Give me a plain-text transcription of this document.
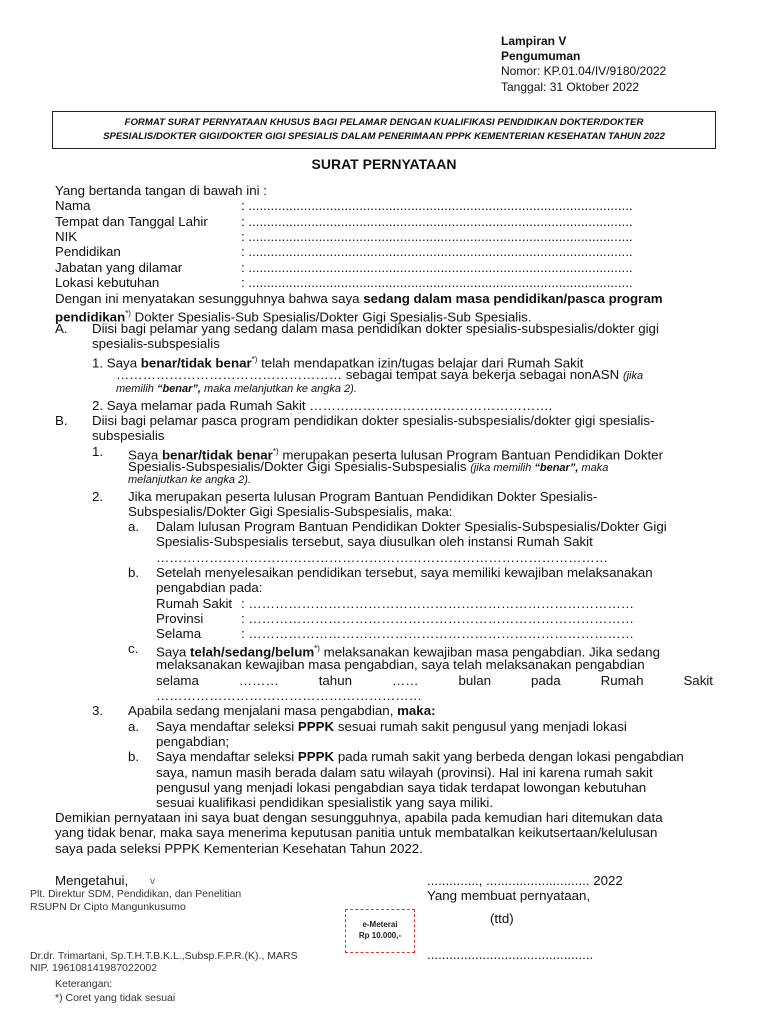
Lampiran V
Pengumuman
Nomor: KP.01.04/IV/9180/2022
Tanggal: 31 Oktober 2022
FORMAT SURAT PERNYATAAN KHUSUS BAGI PELAMAR DENGAN KUALIFIKASI PENDIDIKAN DOKTER/DOKTER
SPESIALIS/DOKTER GIGI/DOKTER GIGI SPESIALIS DALAM PENERIMAAN PPPK KEMENTERIAN KESEHATAN TAHUN 2022
SURAT PERNYATAAN
Yang bertanda tangan di bawah ini :
Nama	: ........................................................................................................
Tempat dan Tanggal Lahir : ........................................................................................................
NIK	: ........................................................................................................
Pendidikan	: ........................................................................................................
Jabatan yang dilamar	: ........................................................................................................
Lokasi kebutuhan	: ........................................................................................................
Dengan ini menyatakan sesungguhnya bahwa saya sedang dalam masa pendidikan/pasca program
pendidikan*) Dokter Spesialis-Sub Spesialis/Dokter Gigi Spesialis-Sub Spesialis.
A. Diisi bagi pelamar yang sedang dalam masa pendidikan dokter spesialis-subspesialis/dokter gigi
spesialis-subspesialis
1. Saya benar/tidak benar*) telah mendapatkan izin/tugas belajar dari Rumah Sakit
…………………………………………… sebagai tempat saya bekerja sebagai nonASN (jika
memilih “benar”, maka melanjutkan ke angka 2).
2. Saya melamar pada Rumah Sakit ……………………………………………….
B. Diisi bagi pelamar pasca program pendidikan dokter spesialis-subspesialis/dokter gigi spesialis-
subspesialis
1. Saya benar/tidak benar*) merupakan peserta lulusan Program Bantuan Pendidikan Dokter
Spesialis-Subspesialis/Dokter Gigi Spesialis-Subspesialis (jika memilih “benar”, maka
melanjutkan ke angka 2).
2. Jika merupakan peserta lulusan Program Bantuan Pendidikan Dokter Spesialis-
Subspesialis/Dokter Gigi Spesialis-Subspesialis, maka:
a. Dalam lulusan Program Bantuan Pendidikan Dokter Spesialis-Subspesialis/Dokter Gigi
Spesialis-Subspesialis tersebut, saya diusulkan oleh instansi Rumah Sakit
…………………………………………………………………………………………
b. Setelah menyelesaikan pendidikan tersebut, saya memiliki kewajiban melaksanakan
pengabdian pada:
Rumah Sakit : ……………………………………………………………………………
Provinsi	: ……………………………………………………………………………
Selama	: ……………………………………………………………………………
c. Saya telah/sedang/belum*) melaksanakan kewajiban masa pengabdian. Jika sedang
melaksanakan kewajiban masa pengabdian, saya telah melaksanakan pengabdian
selama	………	tahun	……	bulan	pada	Rumah	Sakit
……………………………………………………
3. Apabila sedang menjalani masa pengabdian, maka:
a. Saya mendaftar seleksi PPPK sesuai rumah sakit pengusul yang menjadi lokasi
pengabdian;
b. Saya mendaftar seleksi PPPK pada rumah sakit yang berbeda dengan lokasi pengabdian
saya, namun masih berada dalam satu wilayah (provinsi). Hal ini karena rumah sakit
pengusul yang menjadi lokasi pengabdian saya tidak terdapat lowongan kebutuhan
sesuai kualifikasi pendidikan spesialistik yang saya miliki.
Demikian pernyataan ini saya buat dengan sesungguhnya, apabila pada kemudian hari ditemukan data
yang tidak benar, maka saya menerima keputusan panitia untuk membatalkan keikutsertaan/kelulusan
saya pada seleksi PPPK Kementerian Kesehatan Tahun 2022.
Mengetahui, v
Plt. Direktur SDM, Pendidikan, dan Penelitian
RSUPN Dr Cipto Mangunkusumo
.............., ............................ 2022
Yang membuat pernyataan,
(ttd)
e-Meterai
Rp 10.000,-
Dr.dr. Trimartani, Sp.T.H.T.B.K.L.,Subsp.F.P.R.(K)., MARS
NIP. 196108141987022002
.............................................
Keterangan:
*) Coret yang tidak sesuai
